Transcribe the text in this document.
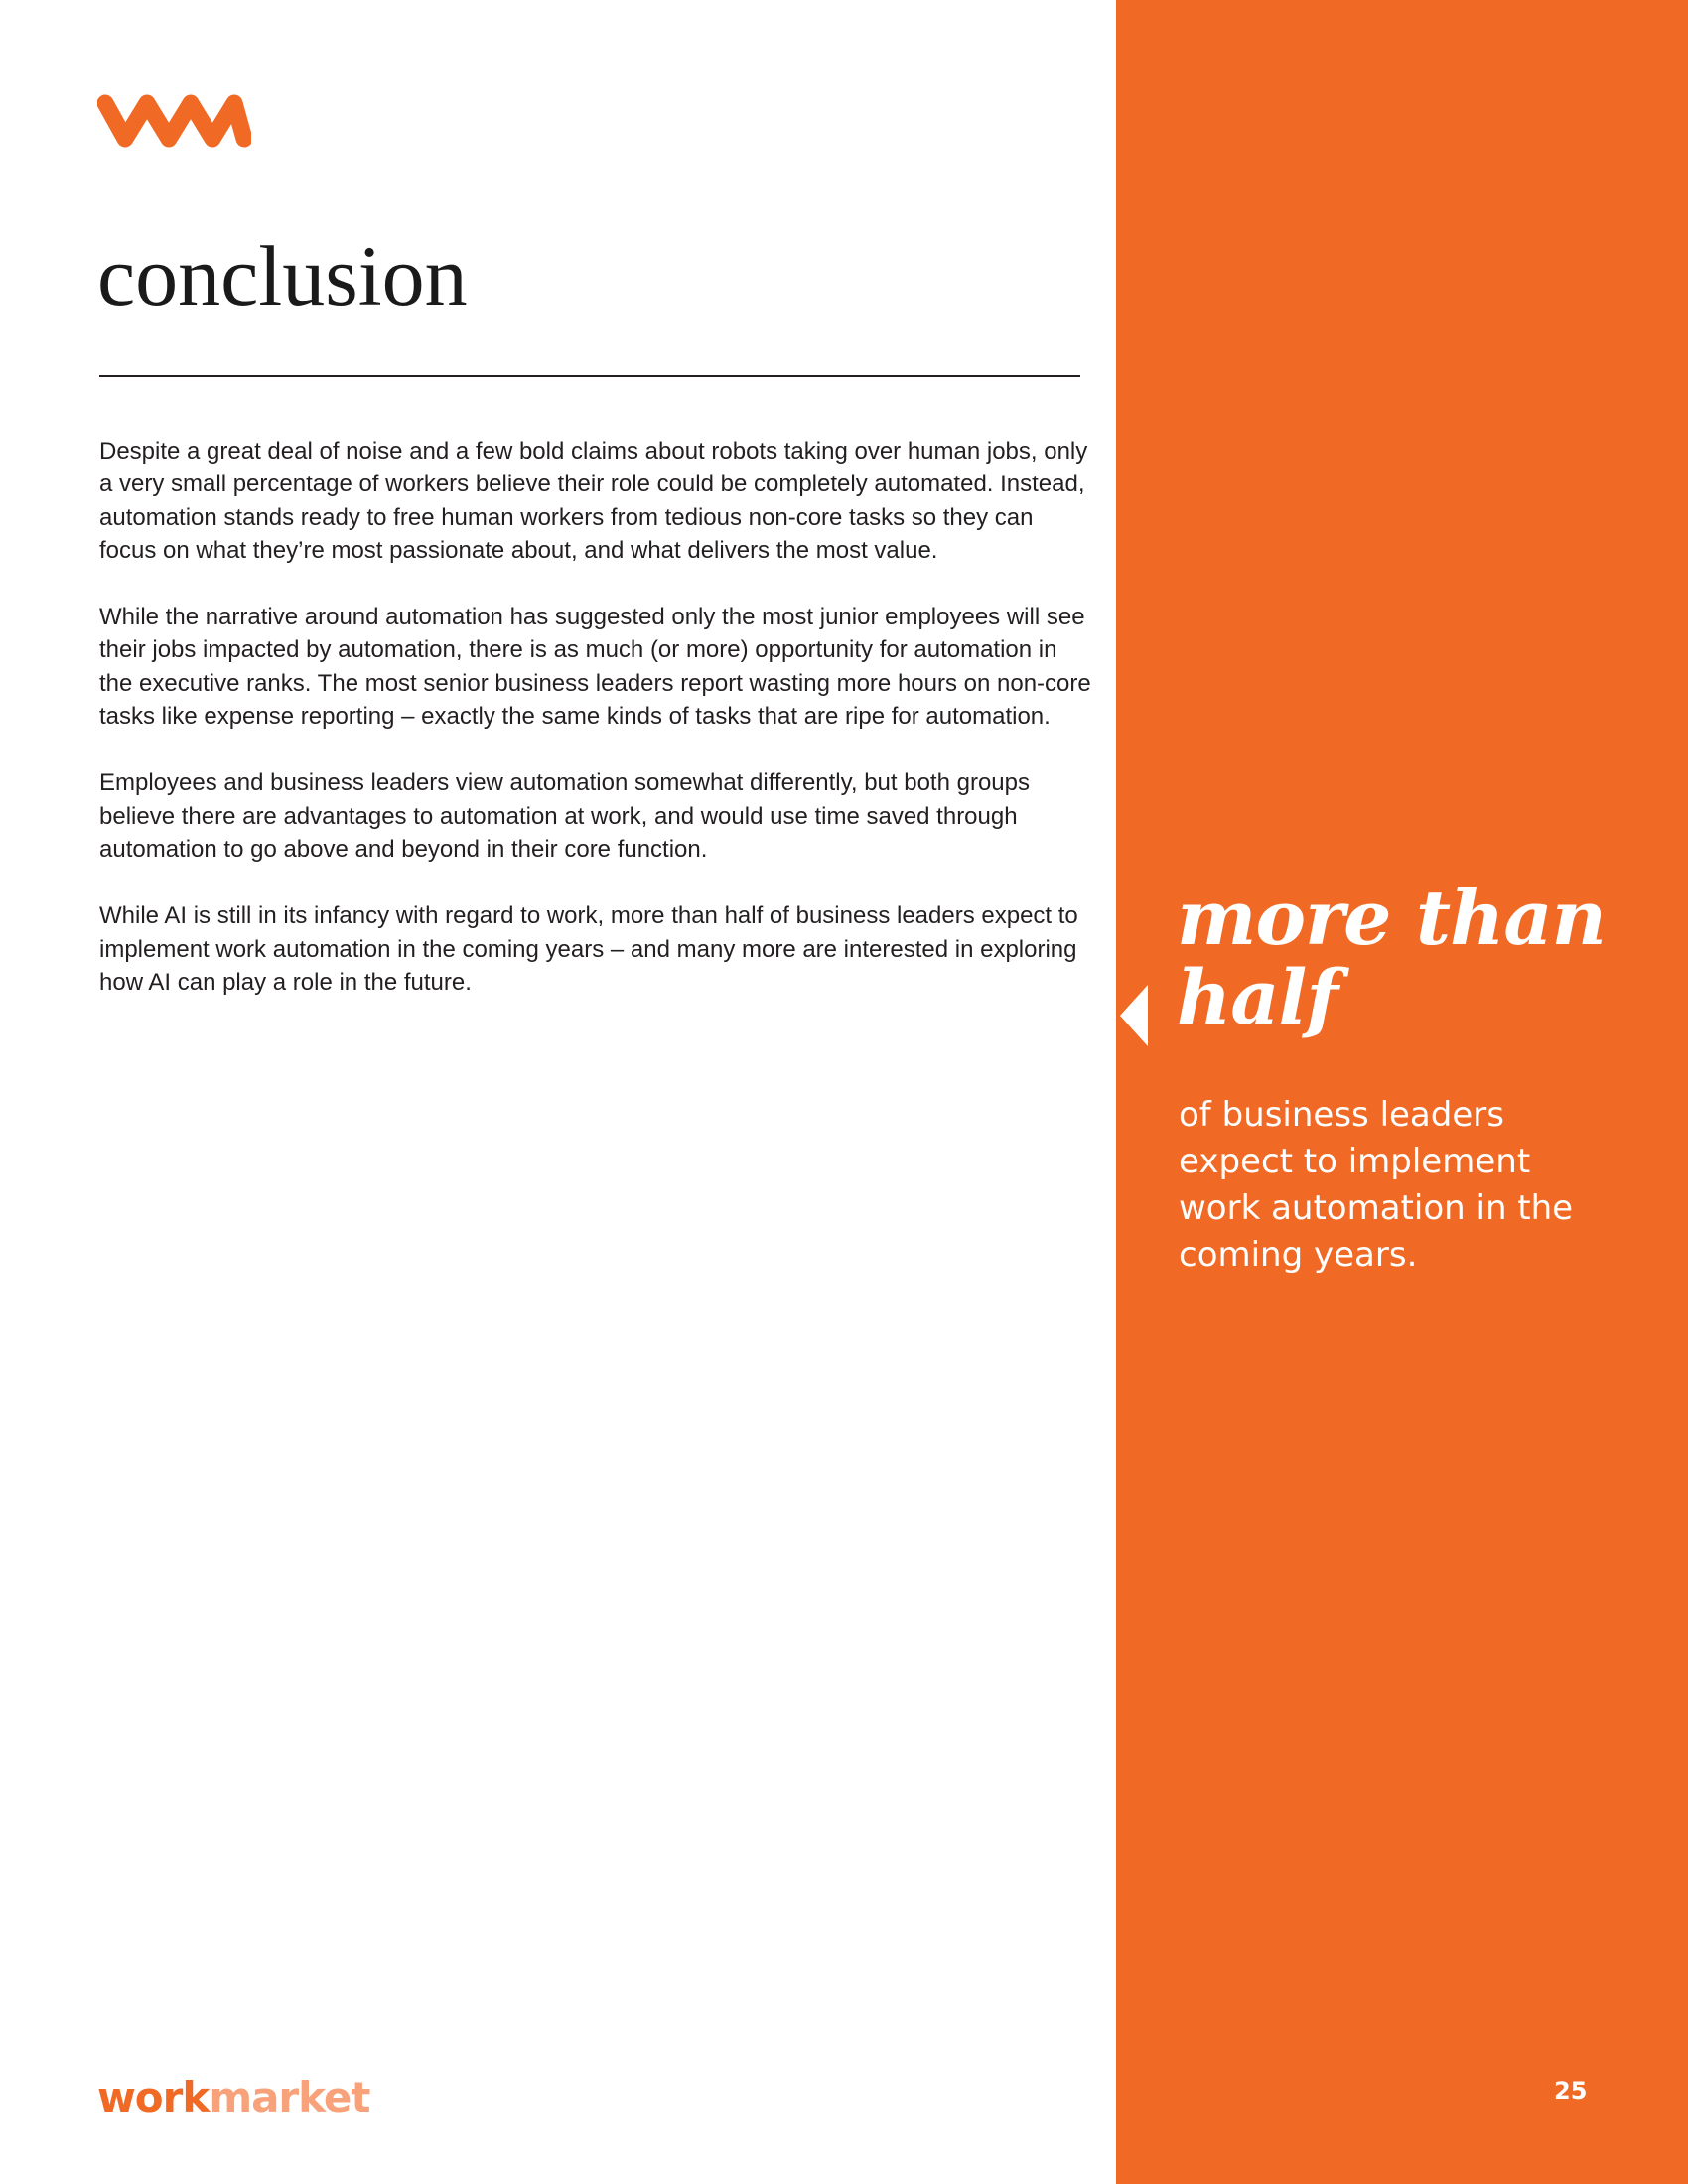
conclusion

Despite a great deal of noise and a few bold claims about robots taking over human jobs, only a very small percentage of workers believe their role could be completely automated. Instead, automation stands ready to free human workers from tedious non-core tasks so they can focus on what they’re most passionate about, and what delivers the most value.

While the narrative around automation has suggested only the most junior employees will see their jobs impacted by automation, there is as much (or more) opportunity for automation in the executive ranks. The most senior business leaders report wasting more hours on non-core tasks like expense reporting – exactly the same kinds of tasks that are ripe for automation.

Employees and business leaders view automation somewhat differently, but both groups believe there are advantages to automation at work, and would use time saved through automation to go above and beyond in their core function.

While AI is still in its infancy with regard to work, more than half of business leaders expect to implement work automation in the coming years – and many more are interested in exploring how AI can play a role in the future.

more than
half

of business leaders expect to implement work automation in the coming years.

25
workmarket
